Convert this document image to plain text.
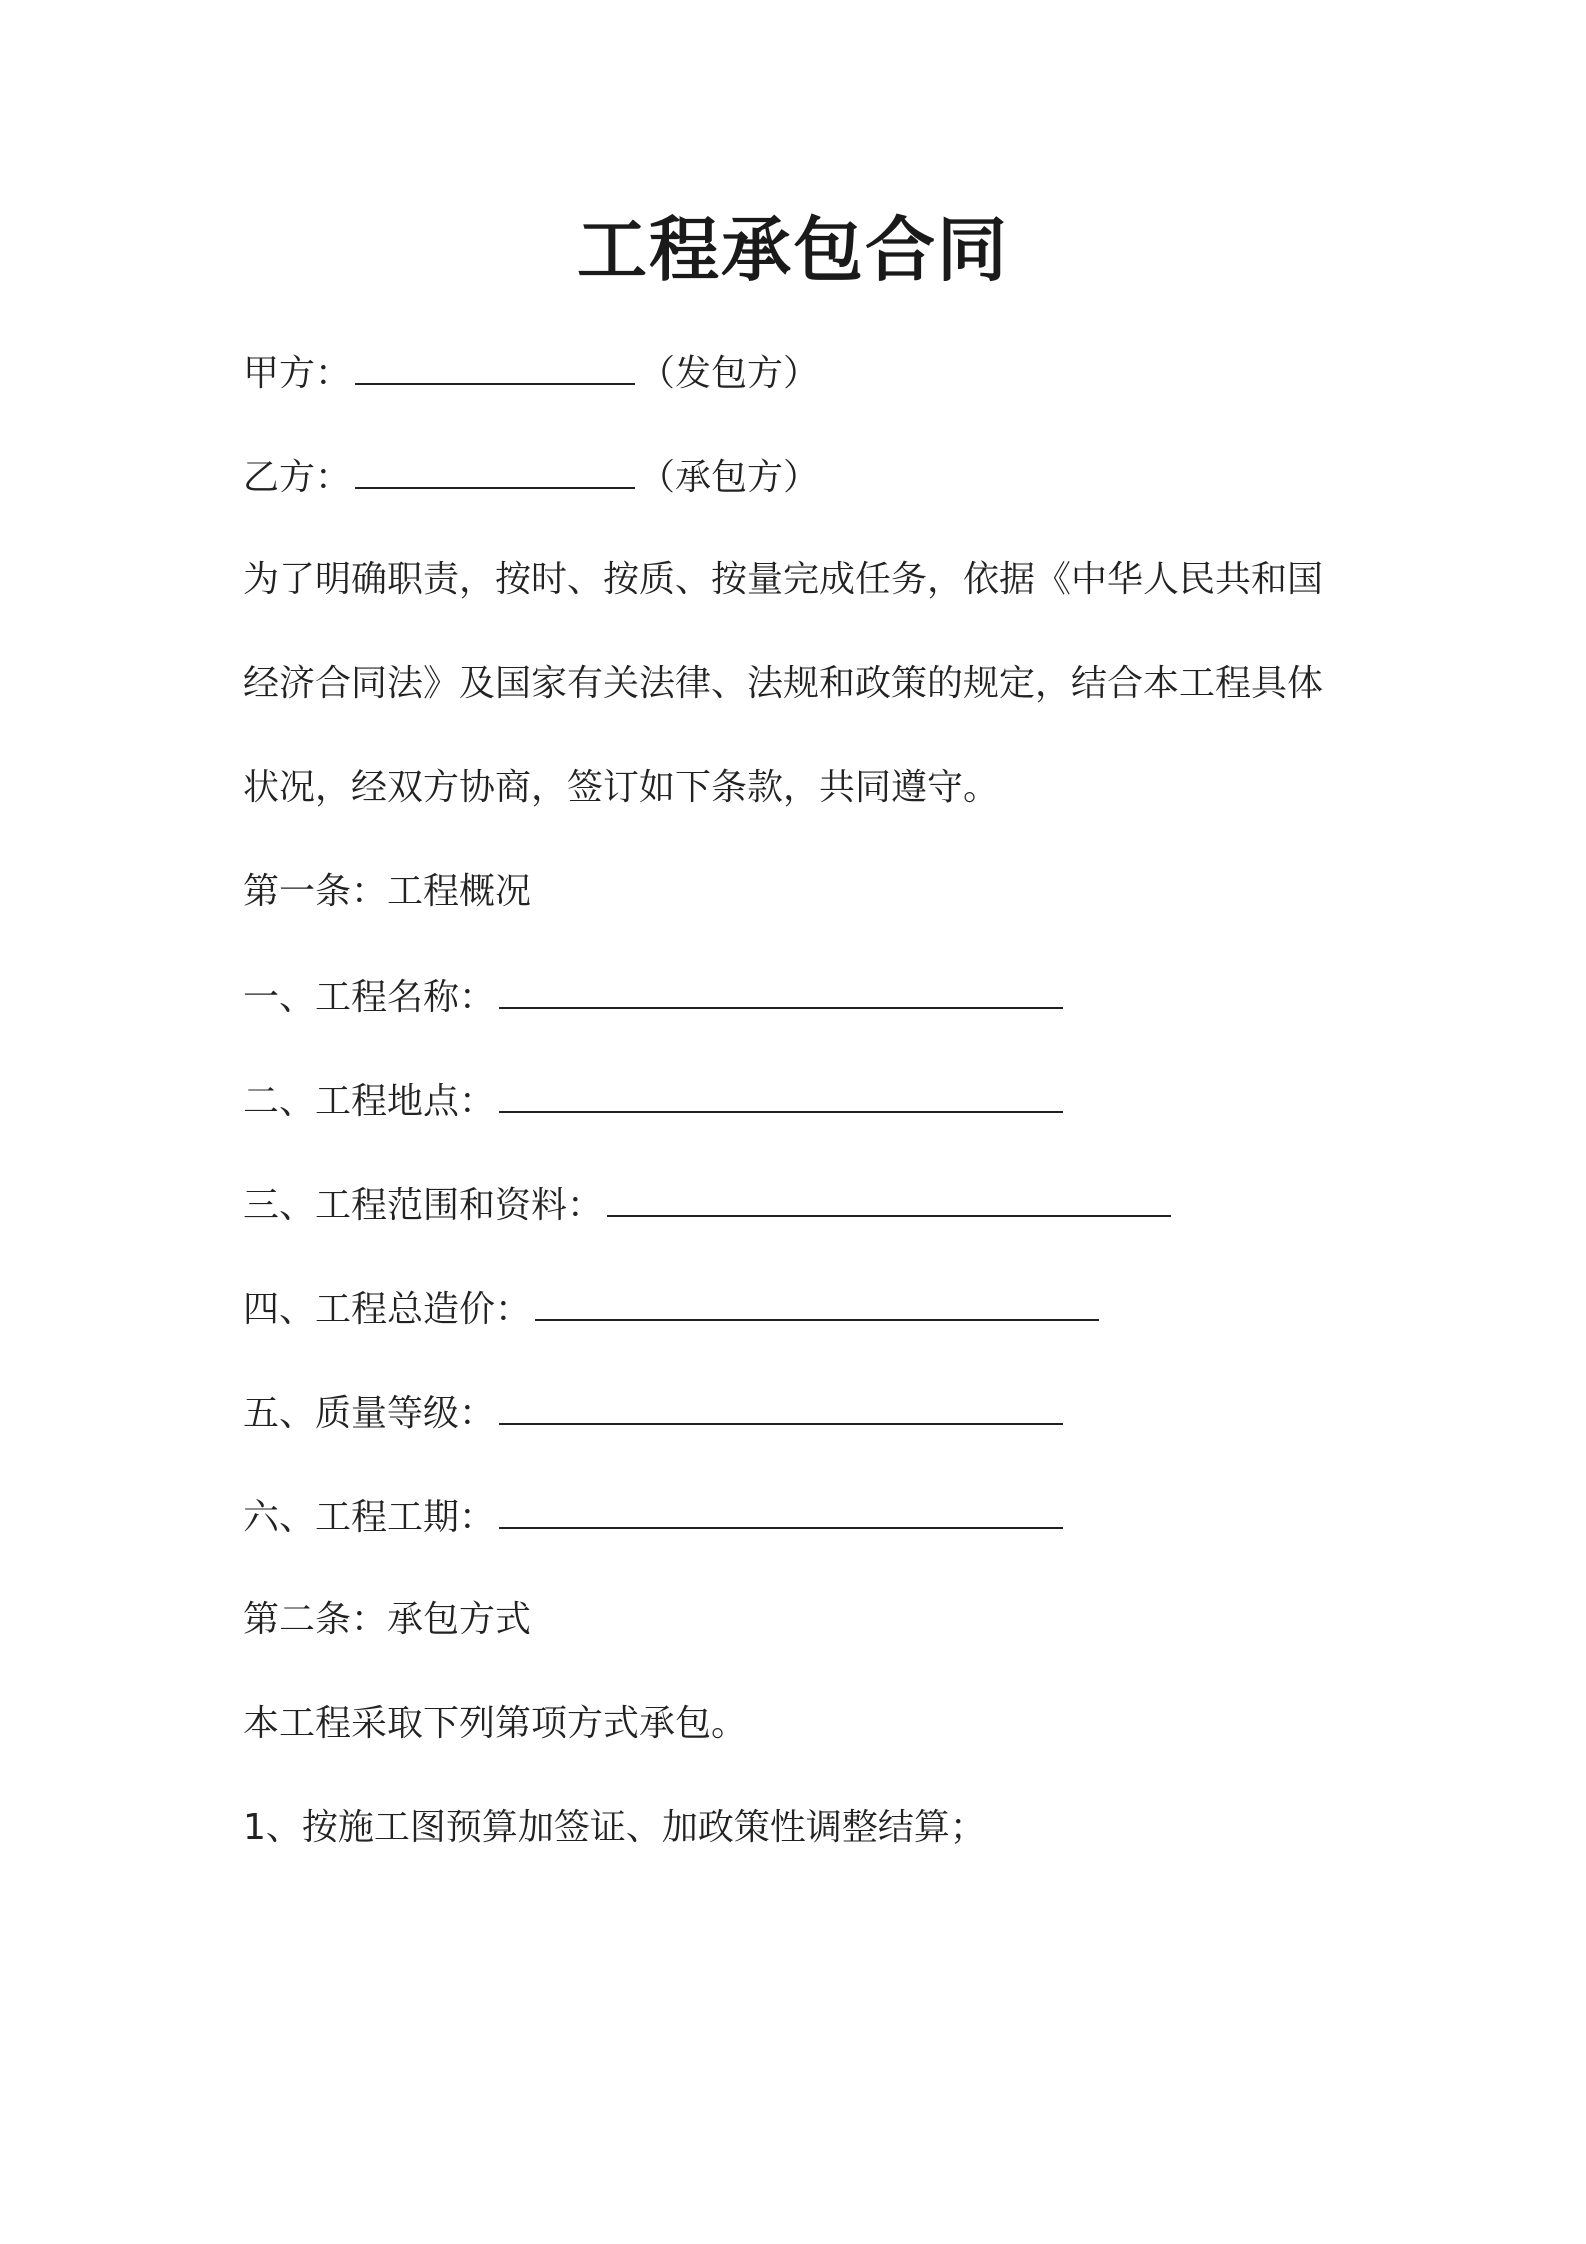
工程承包合同
甲方：	（发包方）
乙方：	（承包方）
为了明确职责，按时、按质、按量完成任务，依据《中华人民共和国
经济合同法》及国家有关法律、法规和政策的规定，结合本工程具体
状况，经双方协商，签订如下条款，共同遵守。
第一条：工程概况
一、工程名称：
二、工程地点：
三、工程范围和资料：
四、工程总造价：
五、质量等级：
六、工程工期：
第二条：承包方式
本工程采取下列第项方式承包。
1、按施工图预算加签证、加政策性调整结算；
